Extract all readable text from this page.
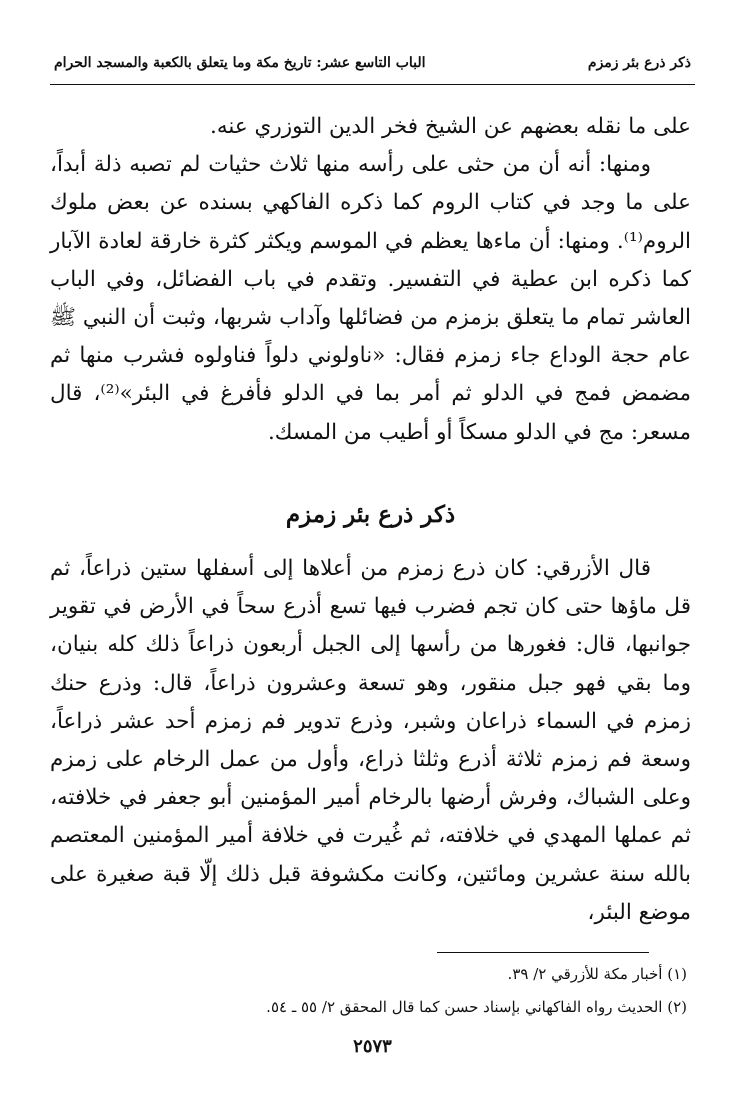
ذكر ذرع بئر زمزم
الباب التاسع عشر: تاريخ مكة وما يتعلق بالكعبة والمسجد الحرام

على ما نقله بعضهم عن الشيخ فخر الدين التوزري عنه.

ومنها: أنه أن من حثى على رأسه منها ثلاث حثيات لم تصبه ذلة أبداً، على ما وجد في كتاب الروم كما ذكره الفاكهي بسنده عن بعض ملوك الروم⁽¹⁾. ومنها: أن ماءها يعظم في الموسم ويكثر كثرة خارقة لعادة الآبار كما ذكره ابن عطية في التفسير. وتقدم في باب الفضائل، وفي الباب العاشر تمام ما يتعلق بزمزم من فضائلها وآداب شربها، وثبت أن النبي ﷺ عام حجة الوداع جاء زمزم فقال: «ناولوني دلواً فناولوه فشرب منها ثم مضمض فمج في الدلو ثم أمر بما في الدلو فأفرغ في البئر»⁽²⁾، قال مسعر: مج في الدلو مسكاً أو أطيب من المسك.

ذكر ذرع بئر زمزم

قال الأزرقي: كان ذرع زمزم من أعلاها إلى أسفلها ستين ذراعاً، ثم قل ماؤها حتى كان تجم فضرب فيها تسع أذرع سحاً في الأرض في تقوير جوانبها، قال: فغورها من رأسها إلى الجبل أربعون ذراعاً ذلك كله بنيان، وما بقي فهو جبل منقور، وهو تسعة وعشرون ذراعاً، قال: وذرع حنك زمزم في السماء ذراعان وشبر، وذرع تدوير فم زمزم أحد عشر ذراعاً، وسعة فم زمزم ثلاثة أذرع وثلثا ذراع، وأول من عمل الرخام على زمزم وعلى الشباك، وفرش أرضها بالرخام أمير المؤمنين أبو جعفر في خلافته، ثم عملها المهدي في خلافته، ثم غُيرت في خلافة أمير المؤمنين المعتصم بالله سنة عشرين ومائتين، وكانت مكشوفة قبل ذلك إلّا قبة صغيرة على موضع البئر،

(١) أخبار مكة للأزرقي ٢/ ٣٩.
(٢) الحديث رواه الفاكهاني بإسناد حسن كما قال المحقق ٢/ ٥٥ ـ ٥٤.
٢٥٧٣
